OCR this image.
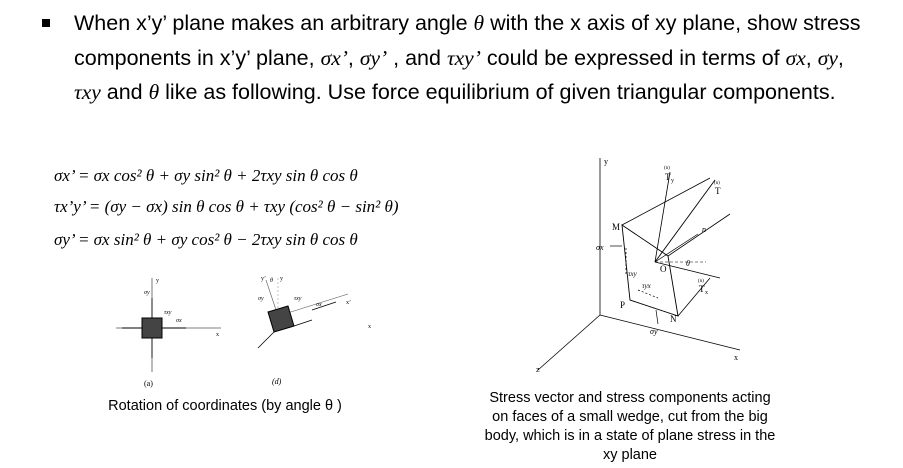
When x’y’ plane makes an arbitrary angle θ with the x axis of xy plane, show stress components in x’y’ plane, σx’, σy’ , and τxy’ could be expressed in terms of σx, σy, τxy and θ like as following. Use force equilibrium of given triangular components.
σx’ = σx cos² θ + σy sin² θ + 2τxy sin θ cos θ
τx’y’ = (σy − σx) sin θ cos θ + τxy (cos² θ − sin² θ)
σy’ = σx sin² θ + σy cos² θ − 2τxy sin θ cos θ
y
x
σy
σx
τxy
(a)
y’ y
θ
x’
x
σy
σx
τxy
(d)
Rotation of coordinates (by angle θ )
y
x
z
(n)
T y	(n)
T
n
M
O
θ
(n)
T x
σx
τxy
τyx
P
N
σy
Stress vector and stress components acting on faces of a small wedge, cut from the big body, which is in a state of plane stress in the xy plane
